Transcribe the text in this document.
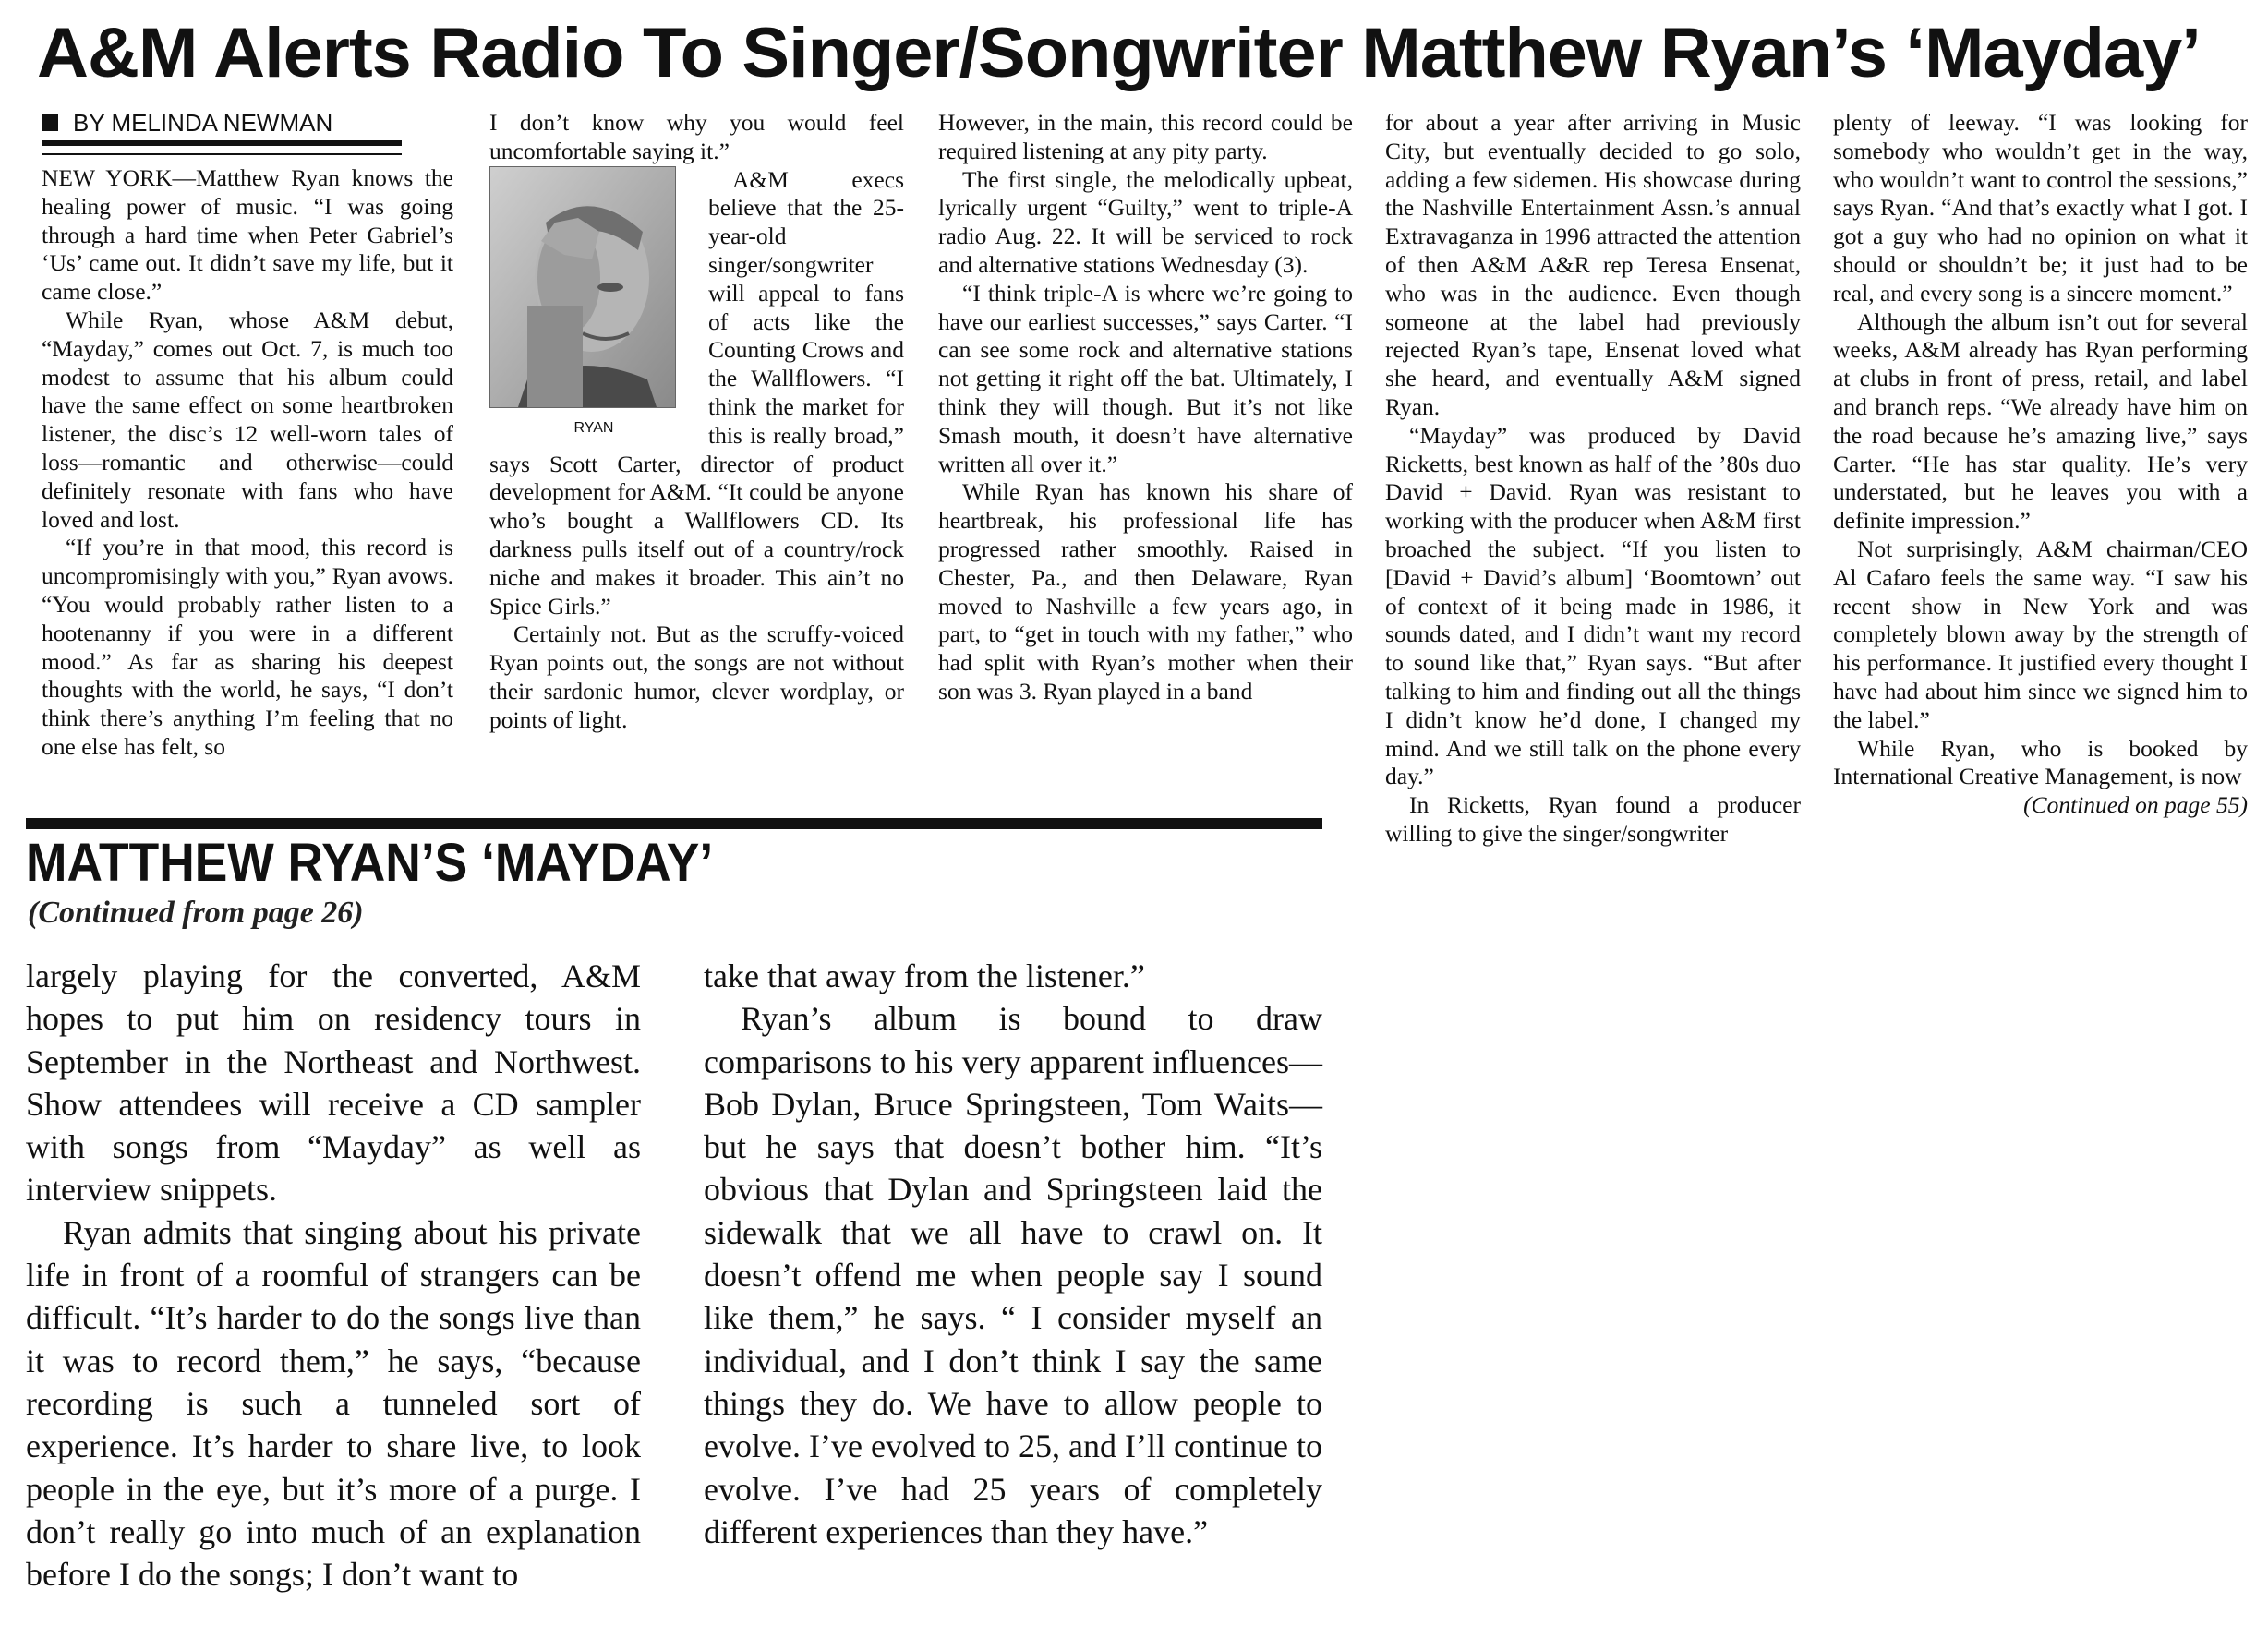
A&M Alerts Radio To Singer/Songwriter Matthew Ryan’s ‘Mayday’
BY MELINDA NEWMAN

NEW YORK—Matthew Ryan knows the healing power of music. “I was going through a hard time when Peter Gabriel’s ‘Us’ came out. It didn’t save my life, but it came close.”

While Ryan, whose A&M debut, “Mayday,” comes out Oct. 7, is much too modest to assume that his album could have the same effect on some heartbroken listener, the disc’s 12 well-worn tales of loss—romantic and otherwise—could definitely resonate with fans who have loved and lost.

“If you’re in that mood, this record is uncompromisingly with you,” Ryan avows. “You would probably rather listen to a hootenanny if you were in a different mood.” As far as sharing his deepest thoughts with the world, he says, “I don’t think there’s anything I’m feeling that no one else has felt, so

I don’t know why you would feel uncomfortable saying it.”

RYAN
A&M execs believe that the 25-year-old singer/songwriter will appeal to fans of acts like the Counting Crows and the Wallflowers. “I think the market for this is really broad,” says Scott Carter, director of product development for A&M. “It could be anyone who’s bought a Wallflowers CD. Its darkness pulls itself out of a country/rock niche and makes it broader. This ain’t no Spice Girls.”

Certainly not. But as the scruffy-voiced Ryan points out, the songs are not without their sardonic humor, clever wordplay, or points of light.

However, in the main, this record could be required listening at any pity party.

The first single, the melodically upbeat, lyrically urgent “Guilty,” went to triple-A radio Aug. 22. It will be serviced to rock and alternative stations Wednesday (3).

“I think triple-A is where we’re going to have our earliest successes,” says Carter. “I can see some rock and alternative stations not getting it right off the bat. Ultimately, I think they will though. But it’s not like Smash mouth, it doesn’t have alternative written all over it.”

While Ryan has known his share of heartbreak, his professional life has progressed rather smoothly. Raised in Chester, Pa., and then Delaware, Ryan moved to Nashville a few years ago, in part, to “get in touch with my father,” who had split with Ryan’s mother when their son was 3. Ryan played in a band

for about a year after arriving in Music City, but eventually decided to go solo, adding a few sidemen. His showcase during the Nashville Entertainment Assn.’s annual Extravaganza in 1996 attracted the attention of then A&M A&R rep Teresa Ensenat, who was in the audience. Even though someone at the label had previously rejected Ryan’s tape, Ensenat loved what she heard, and eventually A&M signed Ryan.

“Mayday” was produced by David Ricketts, best known as half of the ’80s duo David + David. Ryan was resistant to working with the producer when A&M first broached the subject. “If you listen to [David + David’s album] ‘Boomtown’ out of context of it being made in 1986, it sounds dated, and I didn’t want my record to sound like that,” Ryan says. “But after talking to him and finding out all the things I didn’t know he’d done, I changed my mind. And we still talk on the phone every day.”

In Ricketts, Ryan found a producer willing to give the singer/songwriter

plenty of leeway. “I was looking for somebody who wouldn’t get in the way, who wouldn’t want to control the sessions,” says Ryan. “And that’s exactly what I got. I got a guy who had no opinion on what it should or shouldn’t be; it just had to be real, and every song is a sincere moment.”

Although the album isn’t out for several weeks, A&M already has Ryan performing at clubs in front of press, retail, and label and branch reps. “We already have him on the road because he’s amazing live,” says Carter. “He has star quality. He’s very understated, but he leaves you with a definite impression.”

Not surprisingly, A&M chairman/CEO Al Cafaro feels the same way. “I saw his recent show in New York and was completely blown away by the strength of his performance. It justified every thought I have had about him since we signed him to the label.”

While Ryan, who is booked by International Creative Management, is now

(Continued on page 55)
MATTHEW RYAN’S ‘MAYDAY’
(Continued from page 26)

largely playing for the converted, A&M hopes to put him on residency tours in September in the Northeast and Northwest. Show attendees will receive a CD sampler with songs from “Mayday” as well as interview snippets.

Ryan admits that singing about his private life in front of a roomful of strangers can be difficult. “It’s harder to do the songs live than it was to record them,” he says, “because recording is such a tunneled sort of experience. It’s harder to share live, to look people in the eye, but it’s more of a purge. I don’t really go into much of an explanation before I do the songs; I don’t want to

take that away from the listener.”

Ryan’s album is bound to draw comparisons to his very apparent influences—Bob Dylan, Bruce Springsteen, Tom Waits—but he says that doesn’t bother him. “It’s obvious that Dylan and Springsteen laid the sidewalk that we all have to crawl on. It doesn’t offend me when people say I sound like them,” he says. “ I consider myself an individual, and I don’t think I say the same things they do. We have to allow people to evolve. I’ve evolved to 25, and I’ll continue to evolve. I’ve had 25 years of completely different experiences than they have.”
